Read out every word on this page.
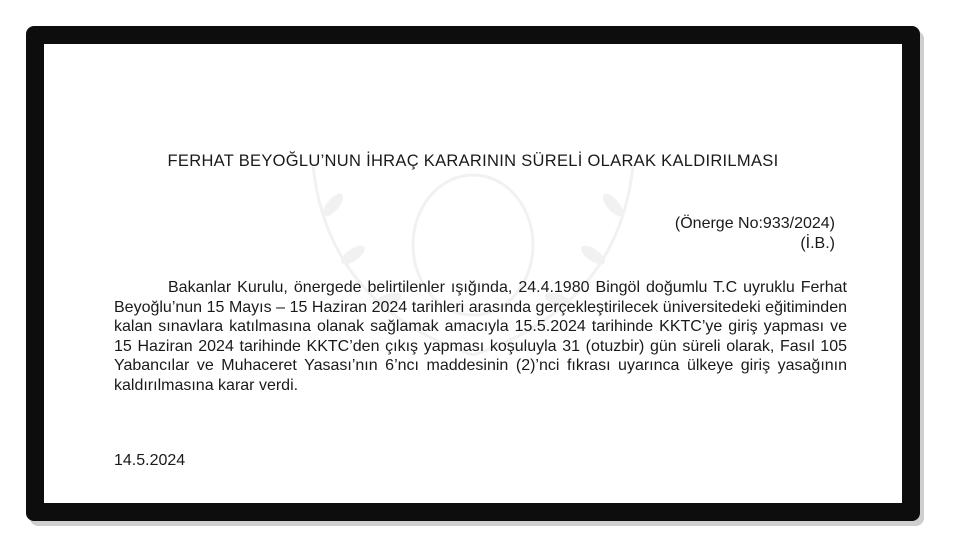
FERHAT BEYOĞLU’NUN İHRAÇ KARARININ SÜRELİ OLARAK KALDIRILMASI
(Önerge No:933/2024)
(İ.B.)

Bakanlar Kurulu, önergede belirtilenler ışığında, 24.4.1980 Bingöl doğumlu T.C uyruklu Ferhat Beyoğlu’nun 15 Mayıs – 15 Haziran 2024 tarihleri arasında gerçekleştirilecek üniversitedeki eğitiminden kalan sınavlara katılmasına olanak sağlamak amacıyla 15.5.2024 tarihinde KKTC’ye giriş yapması ve 15 Haziran 2024 tarihinde KKTC’den çıkış yapması koşuluyla 31 (otuzbir) gün süreli olarak, Fasıl 105 Yabancılar ve Muhaceret Yasası’nın 6’ncı maddesinin (2)’nci fıkrası uyarınca ülkeye giriş yasağının kaldırılmasına karar verdi.

14.5.2024
